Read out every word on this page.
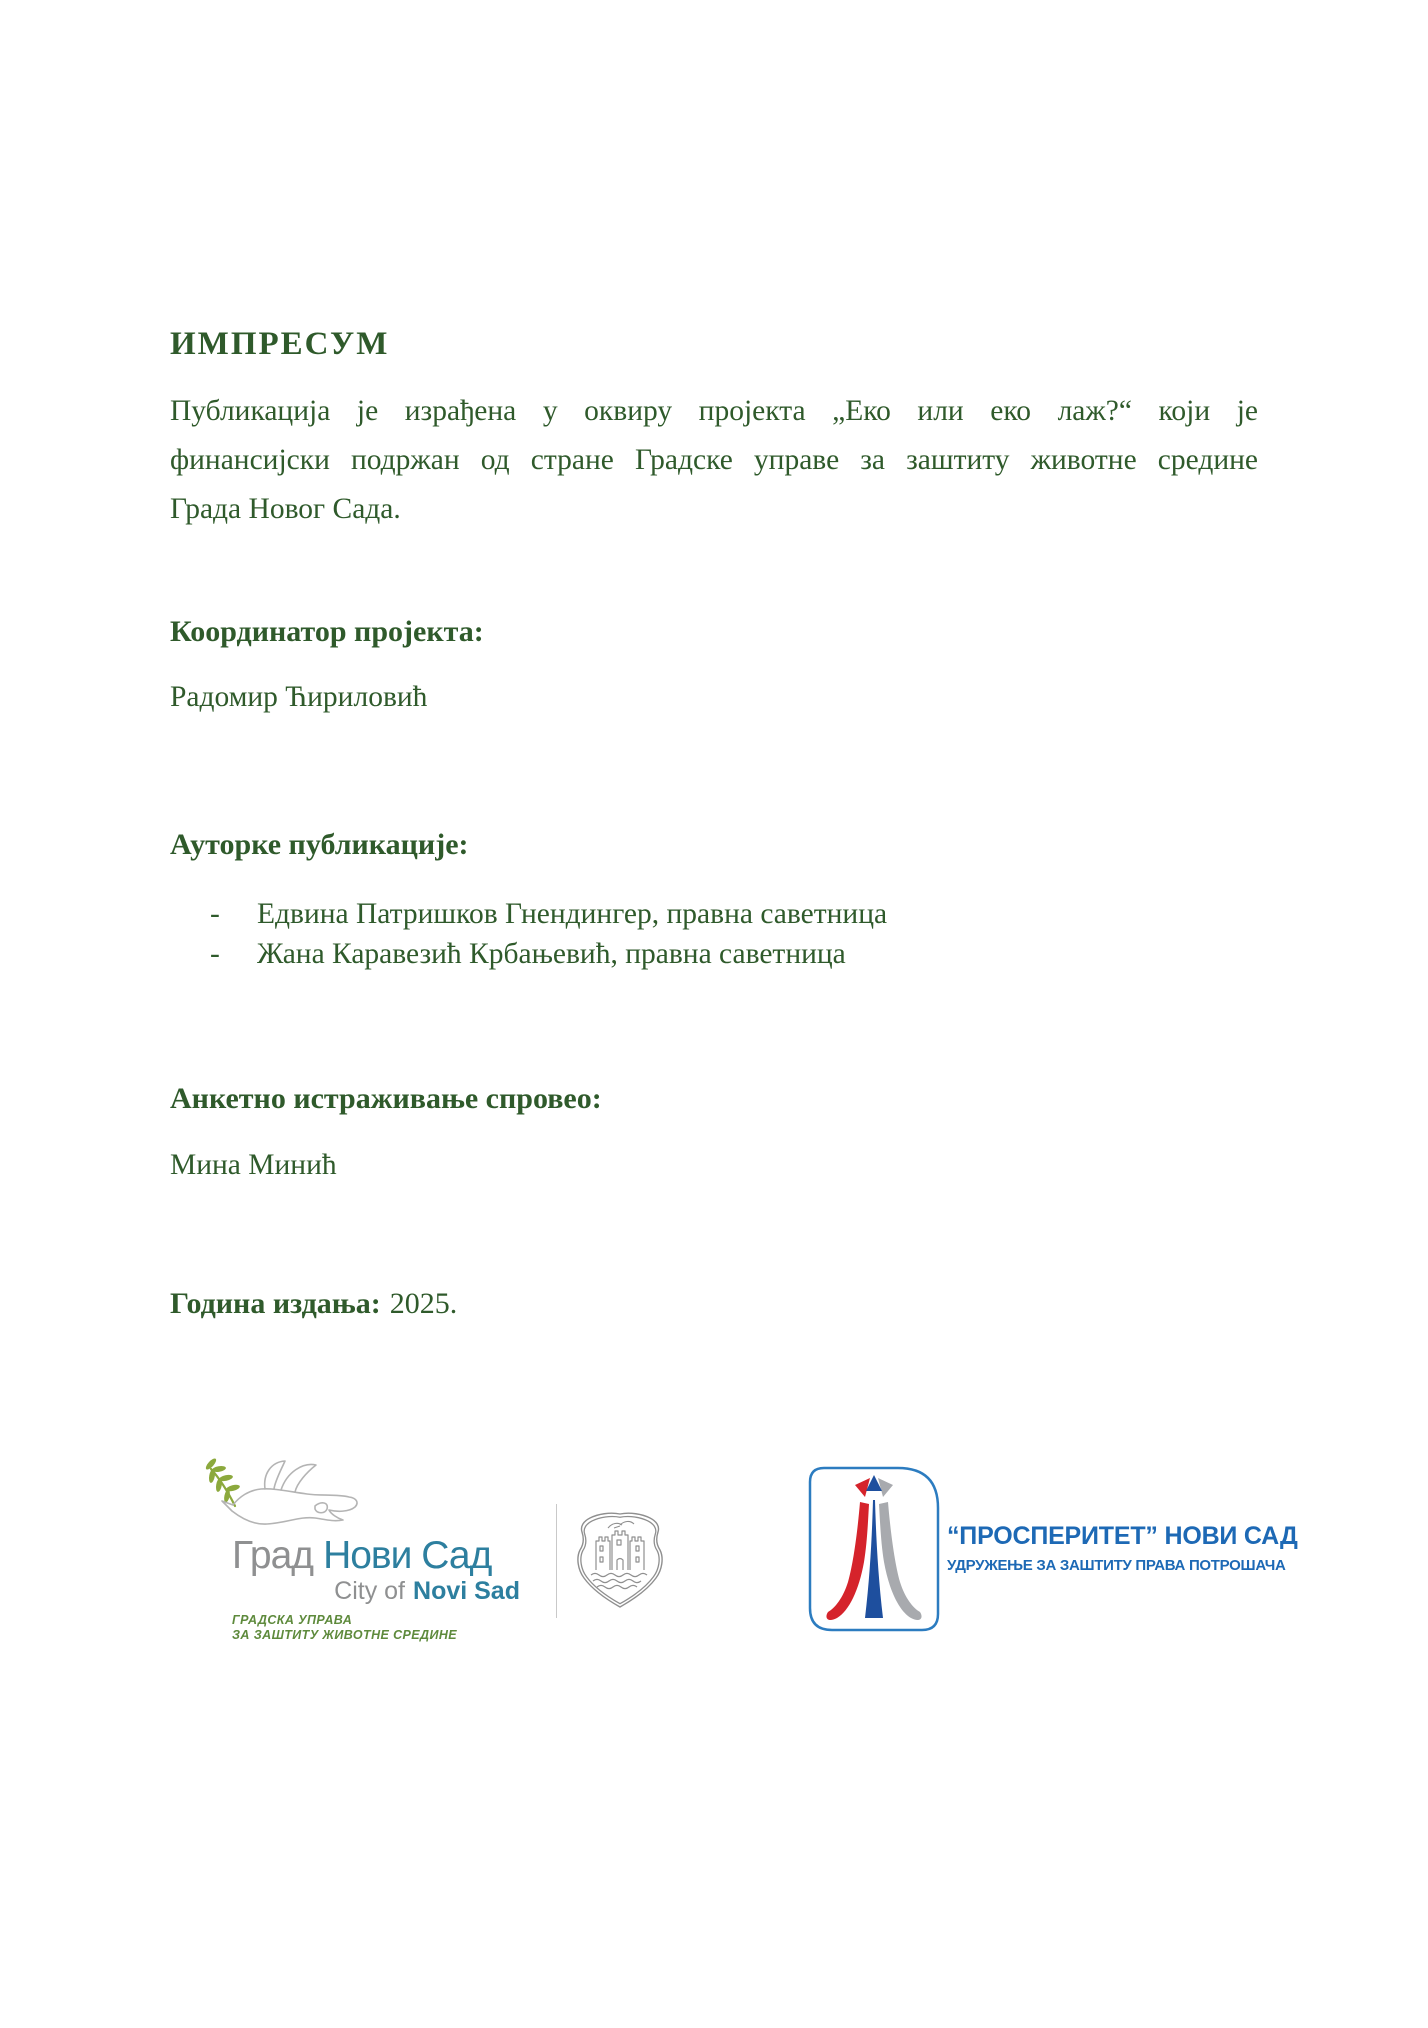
ИМПРЕСУМ
Публикација је израђена у оквиру пројекта „Еко или еко лаж?“ који је
финансијски подржан од стране Градске управе за заштиту животне средине
Града Новог Сада.
Координатор пројекта:
Радомир Ћириловић
Ауторке публикације:
-	Едвина Патришков Гнендингер, правна саветница
-	Жана Каравезић Крбањевић, правна саветница
Анкетно истраживање спровео:
Мина Минић
Година издања: 2025.
Град Нови Сад
City of Novi Sad
ГРАДСКА УПРАВА
ЗА ЗАШТИТУ ЖИВОТНЕ СРЕДИНЕ
“ПРОСПЕРИТЕТ” НОВИ САД
УДРУЖЕЊЕ ЗА ЗАШТИТУ ПРАВА ПОТРОШАЧА
